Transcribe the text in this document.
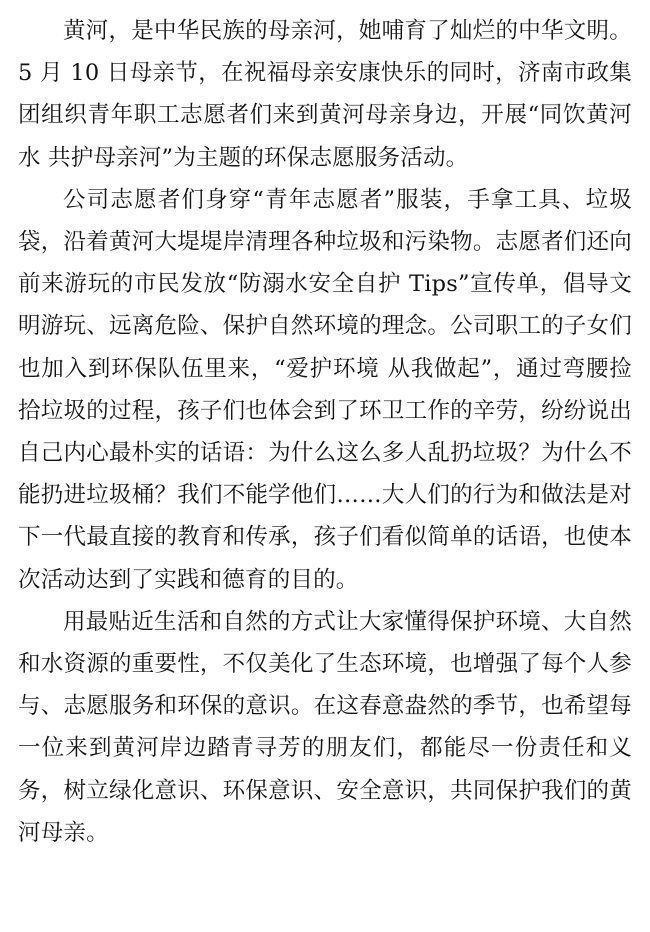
黄河，是中华民族的母亲河，她哺育了灿烂的中华文明。5 月 10 日母亲节，在祝福母亲安康快乐的同时，济南市政集团组织青年职工志愿者们来到黄河母亲身边，开展“同饮黄河水 共护母亲河”为主题的环保志愿服务活动。

公司志愿者们身穿“青年志愿者”服装，手拿工具、垃圾袋，沿着黄河大堤堤岸清理各种垃圾和污染物。志愿者们还向前来游玩的市民发放“防溺水安全自护 Tips”宣传单，倡导文明游玩、远离危险、保护自然环境的理念。公司职工的子女们也加入到环保队伍里来，“爱护环境 从我做起”，通过弯腰捡拾垃圾的过程，孩子们也体会到了环卫工作的辛劳，纷纷说出自己内心最朴实的话语：为什么这么多人乱扔垃圾？为什么不能扔进垃圾桶？我们不能学他们……大人们的行为和做法是对下一代最直接的教育和传承，孩子们看似简单的话语，也使本次活动达到了实践和德育的目的。

用最贴近生活和自然的方式让大家懂得保护环境、大自然和水资源的重要性，不仅美化了生态环境，也增强了每个人参与、志愿服务和环保的意识。在这春意盎然的季节，也希望每一位来到黄河岸边踏青寻芳的朋友们，都能尽一份责任和义务，树立绿化意识、环保意识、安全意识，共同保护我们的黄河母亲。
